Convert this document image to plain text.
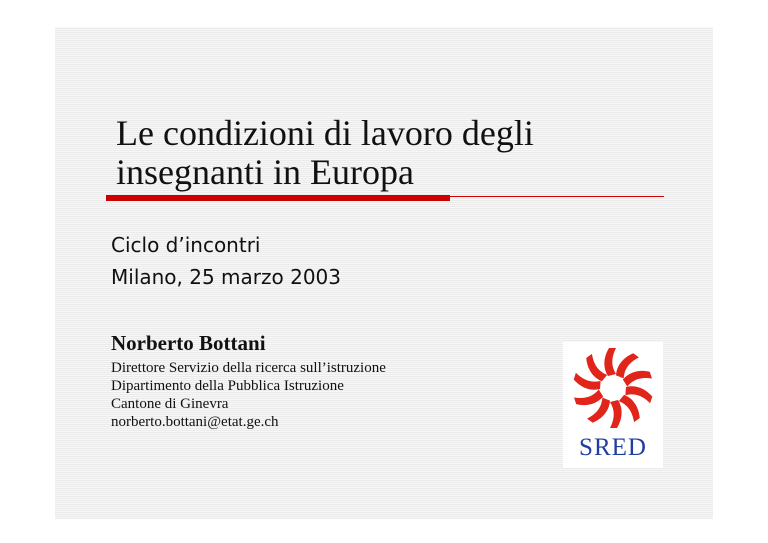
Le condizioni di lavoro degli
insegnanti in Europa
Ciclo d’incontri
Milano, 25 marzo 2003
Norberto Bottani
Direttore Servizio della ricerca sull’istruzione
Dipartimento della Pubblica Istruzione
Cantone di Ginevra
norberto.bottani@etat.ge.ch
SRED
